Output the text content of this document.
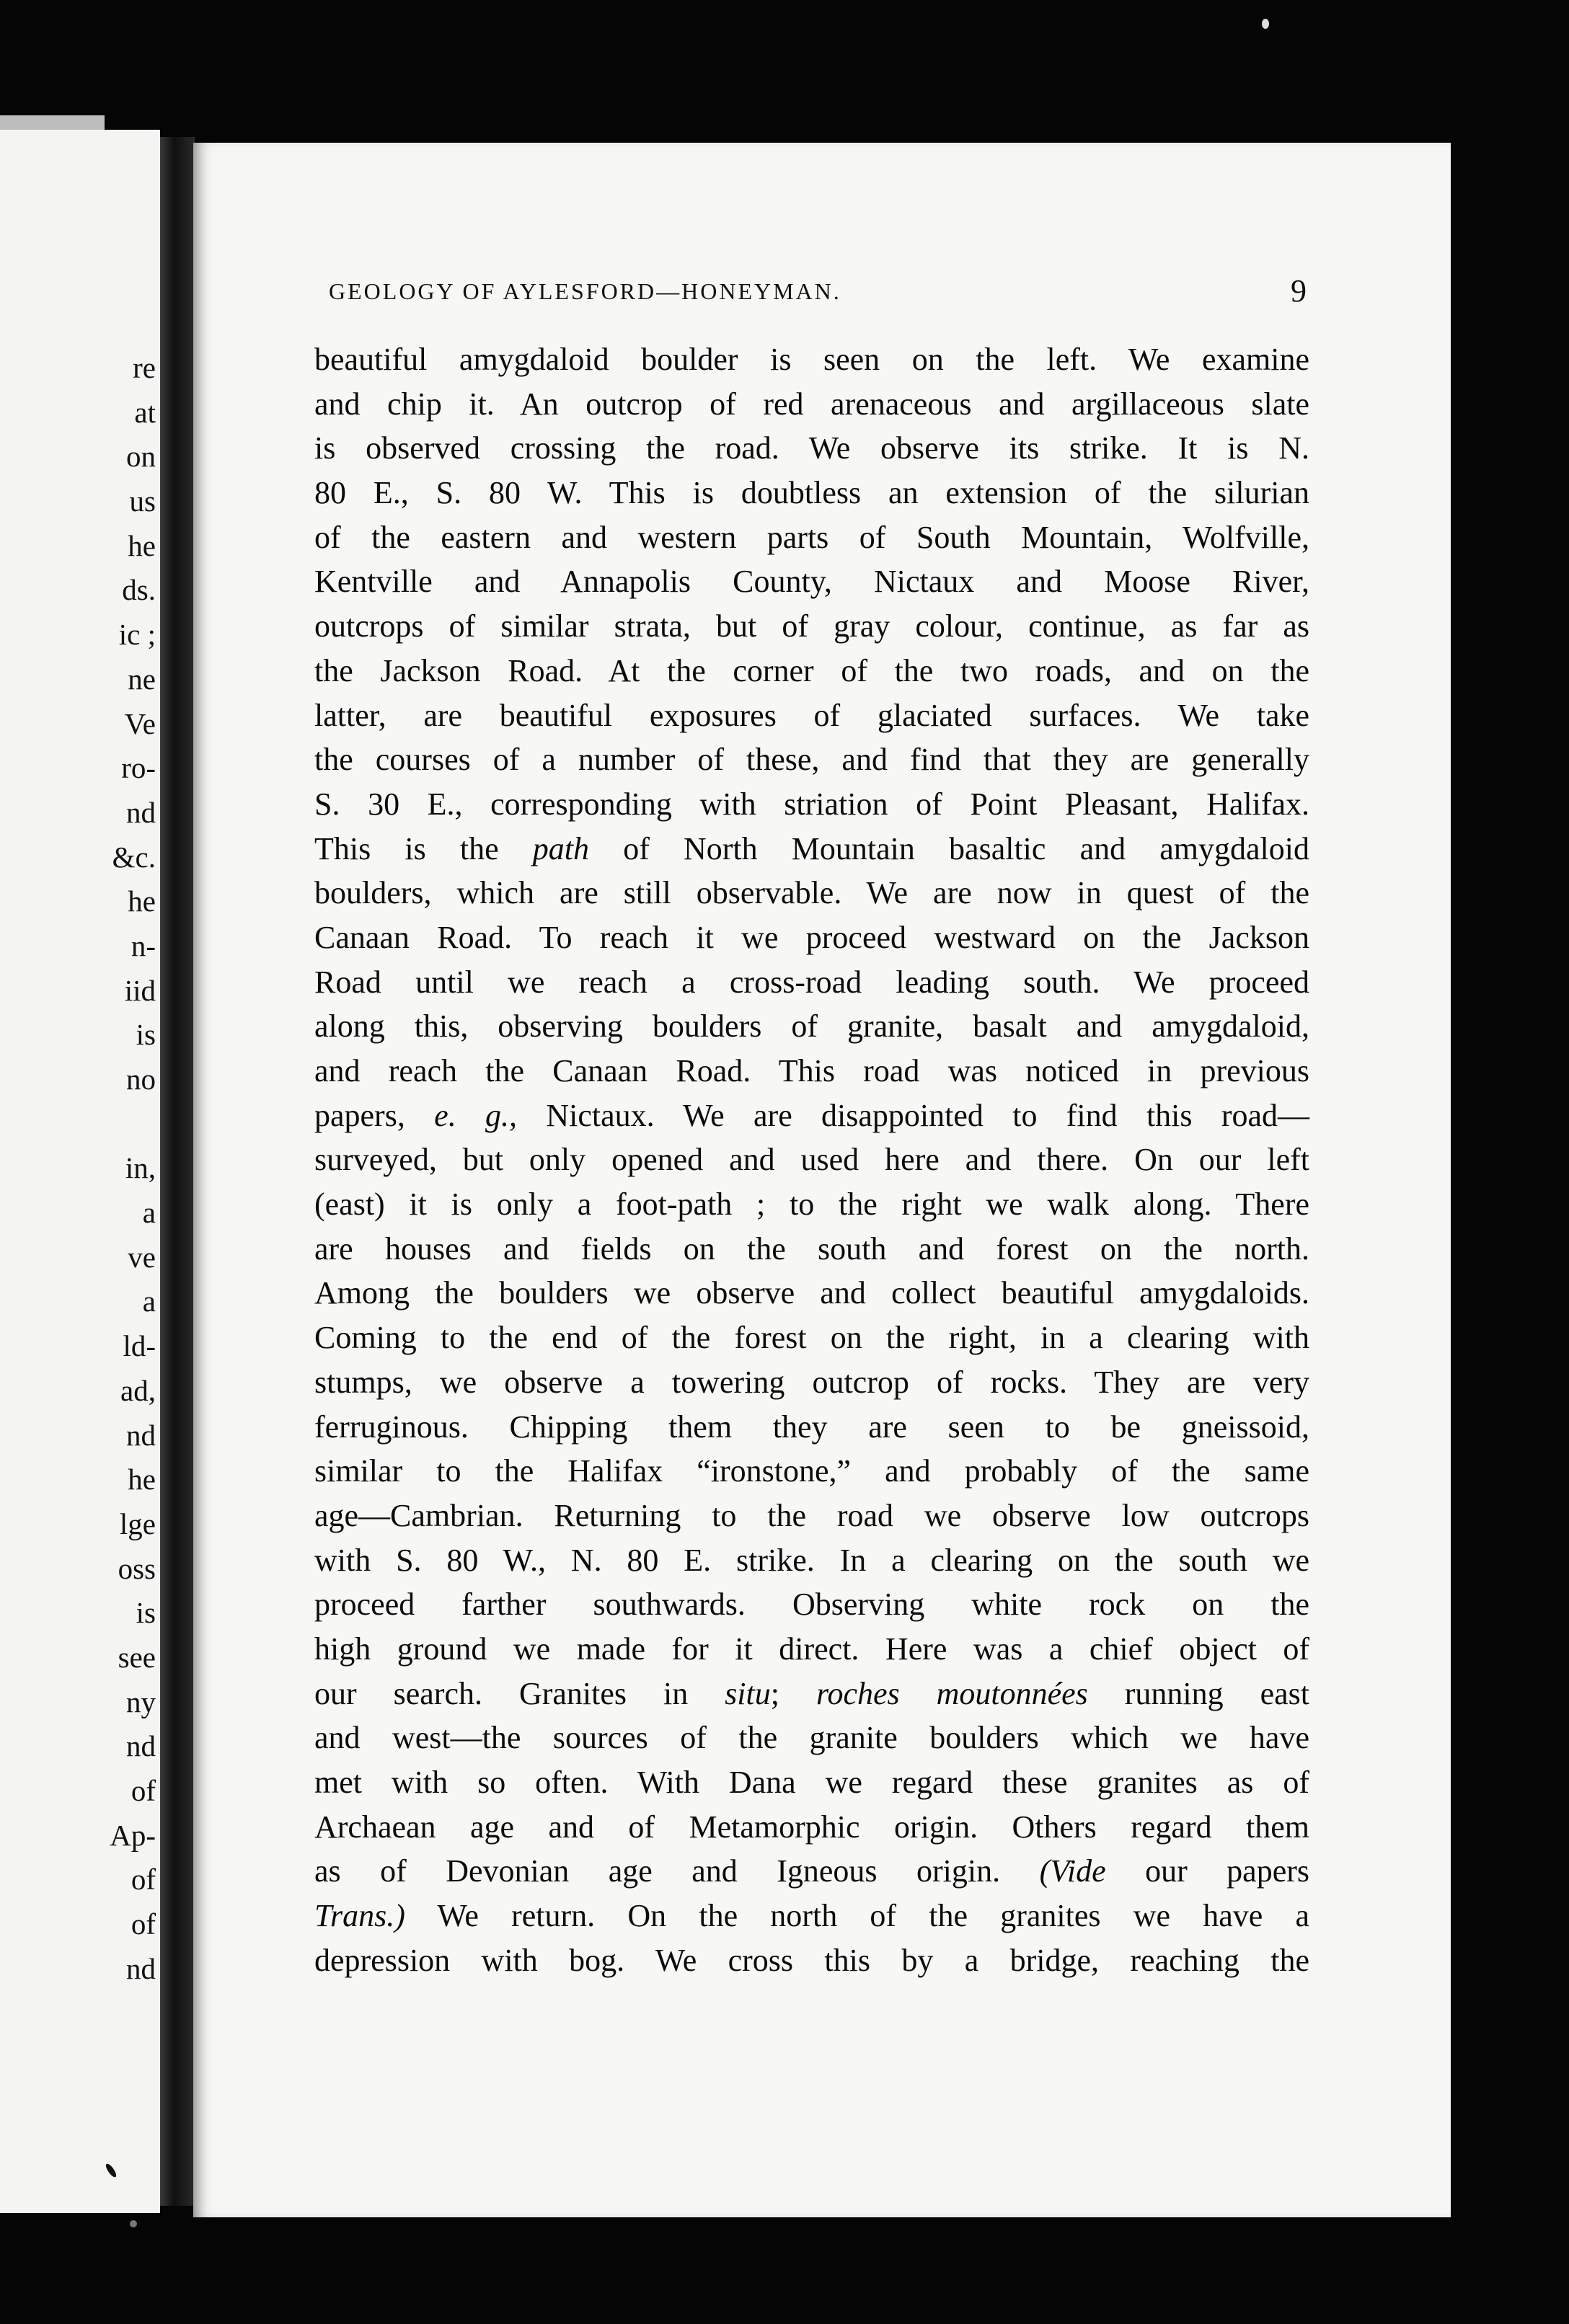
re
at
on
us
he
ds.
ic ;
ne
Ve
ro-
nd
&c.
he
n-
iid
is
no
in,
a
ve
a
ld-
ad,
nd
he
lge
oss
is
see
ny
nd
of
Ap-
of
of
nd
GEOLOGY OF AYLESFORD—HONEYMAN.	9
beautiful amygdaloid boulder is seen on the left. We examine
and chip it. An outcrop of red arenaceous and argillaceous slate
is observed crossing the road. We observe its strike. It is N.
80 E., S. 80 W. This is doubtless an extension of the silurian
of the eastern and western parts of South Mountain, Wolfville,
Kentville and Annapolis County, Nictaux and Moose River,
outcrops of similar strata, but of gray colour, continue, as far as
the Jackson Road. At the corner of the two roads, and on the
latter, are beautiful exposures of glaciated surfaces. We take
the courses of a number of these, and find that they are generally
S. 30 E., corresponding with striation of Point Pleasant, Halifax.
This is the path of North Mountain basaltic and amygdaloid
boulders, which are still observable. We are now in quest of the
Canaan Road. To reach it we proceed westward on the Jackson
Road until we reach a cross-road leading south. We proceed
along this, observing boulders of granite, basalt and amygdaloid,
and reach the Canaan Road. This road was noticed in previous
papers, e. g., Nictaux. We are disappointed to find this road—
surveyed, but only opened and used here and there. On our left
(east) it is only a foot-path ; to the right we walk along. There
are houses and fields on the south and forest on the north.
Among the boulders we observe and collect beautiful amygdaloids.
Coming to the end of the forest on the right, in a clearing with
stumps, we observe a towering outcrop of rocks. They are very
ferruginous. Chipping them they are seen to be gneissoid,
similar to the Halifax “ironstone,” and probably of the same
age—Cambrian. Returning to the road we observe low outcrops
with S. 80 W., N. 80 E. strike. In a clearing on the south we
proceed farther southwards. Observing white rock on the
high ground we made for it direct. Here was a chief object of
our search. Granites in situ; roches moutonnées running east
and west—the sources of the granite boulders which we have
met with so often. With Dana we regard these granites as of
Archaean age and of Metamorphic origin. Others regard them
as of Devonian age and Igneous origin. (Vide our papers
Trans.) We return. On the north of the granites we have a
depression with bog. We cross this by a bridge, reaching the
